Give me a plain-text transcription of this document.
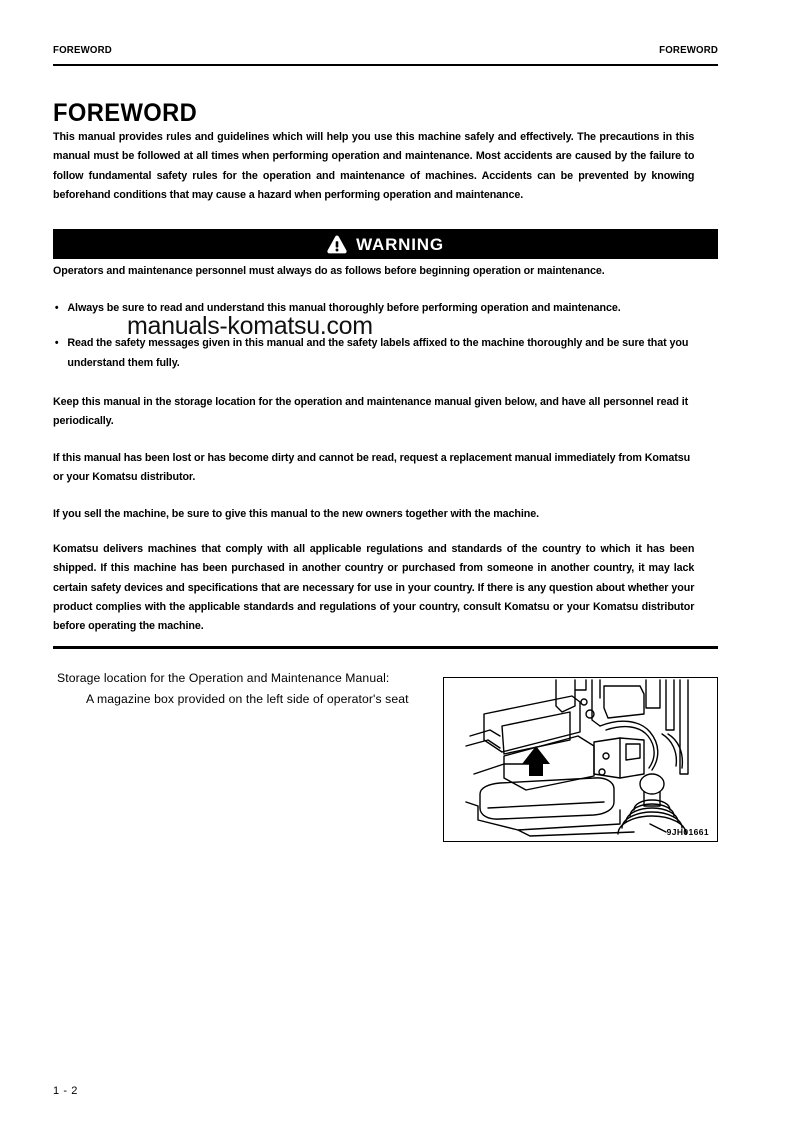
FOREWORD	FOREWORD
FOREWORD
This manual provides rules and guidelines which will help you use this machine safely and effectively. The precautions in this manual must be followed at all times when performing operation and maintenance. Most accidents are caused by the failure to follow fundamental safety rules for the operation and maintenance of machines. Accidents can be prevented by knowing beforehand conditions that may cause a hazard when performing operation and maintenance.
WARNING
Operators and maintenance personnel must always do as follows before beginning operation or maintenance.
• Always be sure to read and understand this manual thoroughly before performing operation and maintenance.
• Read the safety messages given in this manual and the safety labels affixed to the machine thoroughly and be sure that you understand them fully.
manuals-komatsu.com
Keep this manual in the storage location for the operation and maintenance manual given below, and have all personnel read it periodically.
If this manual has been lost or has become dirty and cannot be read, request a replacement manual immediately from Komatsu or your Komatsu distributor.
If you sell the machine, be sure to give this manual to the new owners together with the machine.
Komatsu delivers machines that comply with all applicable regulations and standards of the country to which it has been shipped. If this machine has been purchased in another country or purchased from someone in another country, it may lack certain safety devices and specifications that are necessary for use in your country. If there is any question about whether your product complies with the applicable standards and regulations of your country, consult Komatsu or your Komatsu distributor before operating the machine.
Storage location for the Operation and Maintenance Manual:
A magazine box provided on the left side of operator's seat
9JH01661
1 - 2
